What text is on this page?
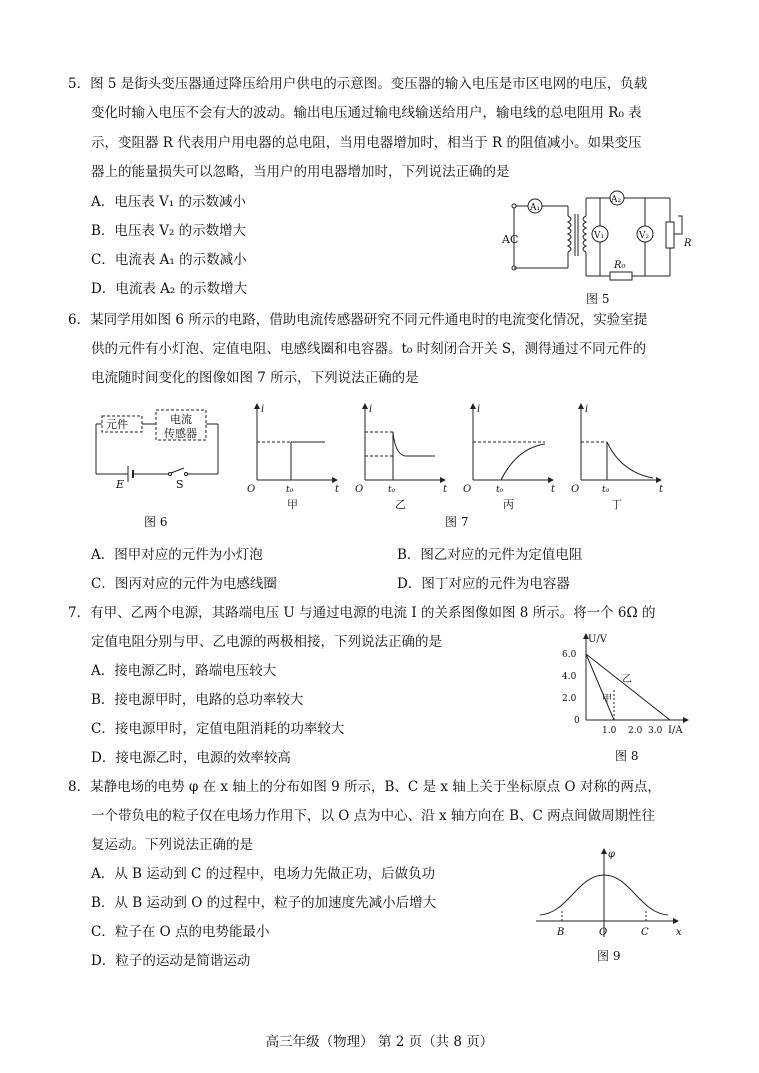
5．图 5 是街头变压器通过降压给用户供电的示意图。变压器的输入电压是市区电网的电压，负载
变化时输入电压不会有大的波动。输出电压通过输电线输送给用户，输电线的总电阻用 R₀ 表
示，变阻器 R 代表用户用电器的总电阻，当用电器增加时，相当于 R 的阻值减小。如果变压
器上的能量损失可以忽略，当用户的用电器增加时，下列说法正确的是
A．电压表 V₁ 的示数减小
B．电压表 V₂ 的示数增大
C．电流表 A₁ 的示数减小
D．电流表 A₂ 的示数增大
AC
A₁
A₂
V₁	V₂
R₀
R
图 5
6．某同学用如图 6 所示的电路，借助电流传感器研究不同元件通电时的电流变化情况，实验室提
供的元件有小灯泡、定值电阻、电感线圈和电容器。t₀ 时刻闭合开关 S，测得通过不同元件的
电流随时间变化的图像如图 7 所示，下列说法正确的是
元件	电流
传感器
E	S
图 6
i
O	t₀	t
甲
i
O	t₀	t
乙
i
O	t₀	t
丙
i
O	t₀	t
丁
图 7
A．图甲对应的元件为小灯泡	B．图乙对应的元件为定值电阻
C．图丙对应的元件为电感线圈	D．图丁对应的元件为电容器
7．有甲、乙两个电源，其路端电压 U 与通过电源的电流 I 的关系图像如图 8 所示。将一个 6Ω 的
定值电阻分别与甲、乙电源的两极相接，下列说法正确的是
A．接电源乙时，路端电压较大
B．接电源甲时，电路的总功率较大
C．接电源甲时，定值电阻消耗的功率较大
D．接电源乙时，电源的效率较高
U/V
I/A
6.0
4.0
2.0
0
1.0 2.0 3.0
甲
乙
图 8
8．某静电场的电势 φ 在 x 轴上的分布如图 9 所示，B、C 是 x 轴上关于坐标原点 O 对称的两点，
一个带负电的粒子仅在电场力作用下，以 O 点为中心、沿 x 轴方向在 B、C 两点间做周期性往
复运动。下列说法正确的是
A．从 B 运动到 C 的过程中，电场力先做正功，后做负功
B．从 B 运动到 O 的过程中，粒子的加速度先减小后增大
C．粒子在 O 点的电势能最小
D．粒子的运动是简谐运动
φ
x
B	O	C
图 9
高三年级（物理） 第 2 页（共 8 页）
